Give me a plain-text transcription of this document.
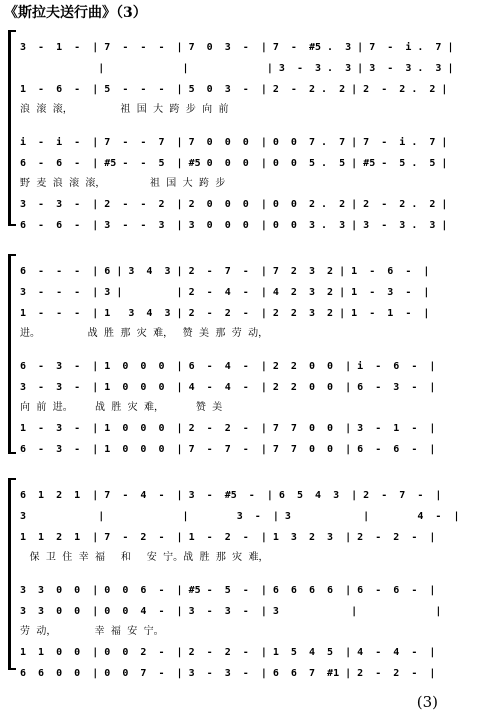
《斯拉夫送行曲》（3）
3  -  1  -  | 7  -  -  -  | 7  0  3  -  | 7  -  #5 .  3 | 7  -  i .  7 |
|             |             | 3  -  3 .  3 | 3  -  3 .  3 |
1  -  6  -  | 5  -  -  -  | 5  0  3  -  | 2  -  2 .  2 | 2  -  2 .  2 |
浪  滚  滚，               祖  国  大  跨  步  向  前
i  -  i  -  | 7  -  -  7  | 7  0  0  0  | 0  0  7 .  7 | 7  -  i .  7 |
6  -  6  -  | #5 -  -  5  | #5 0  0  0  | 0  0  5 .  5 | #5 -  5 .  5 |
野  麦  浪  滚  滚，              祖  国  大  跨  步
3  -  3  -  | 2  -  -  2  | 2  0  0  0  | 0  0  2 .  2 | 2  -  2 .  2 |
6  -  6  -  | 3  -  -  3  | 3  0  0  0  | 0  0  3 .  3 | 3  -  3 .  3 |
6  -  -  -  | 6 | 3  4  3 | 2  -  7  -  | 7  2  3  2 | 1  -  6  -  |
3  -  -  -  | 3 |         | 2  -  4  -  | 4  2  3  2 | 1  -  3  -  |
1  -  -  -  | 1   3  4  3 | 2  -  2  -  | 2  2  3  2 | 1  -  1  -  |
进。               战  胜  那  灾  难，   赞  美  那  劳  动，
6  -  3  -  | 1  0  0  0  | 6  -  4  -  | 2  2  0  0  | i  -  6  -  |
3  -  3  -  | 1  0  0  0  | 4  -  4  -  | 2  2  0  0  | 6  -  3  -  |
向  前  进。       战  胜  灾  难，          赞  美
1  -  3  -  | 1  0  0  0  | 2  -  2  -  | 7  7  0  0  | 3  -  1  -  |
6  -  3  -  | 1  0  0  0  | 7  -  7  -  | 7  7  0  0  | 6  -  6  -  |
6  1  2  1  | 7  -  4  -  | 3  -  #5  -  | 6  5  4  3  | 2  -  7  -  |
3            |             |        3  -  | 3            |        4  -  |
1  1  2  1  | 7  -  2  -  | 1  -  2  -  | 1  3  2  3  | 2  -  2  -  |
保  卫  住  幸  福     和     安  宁。战  胜  那  灾  难，
3  3  0  0  | 0  0  6  -  | #5 -  5  -  | 6  6  6  6  | 6  -  6  -  |
3  3  0  0  | 0  0  4  -  | 3  -  3  -  | 3            |             |
劳  动，            幸  福  安  宁。
1  1  0  0  | 0  0  2  -  | 2  -  2  -  | 1  5  4  5  | 4  -  4  -  |
6  6  0  0  | 0  0  7  -  | 3  -  3  -  | 6  6  7  #1 | 2  -  2  -  |
(3)
